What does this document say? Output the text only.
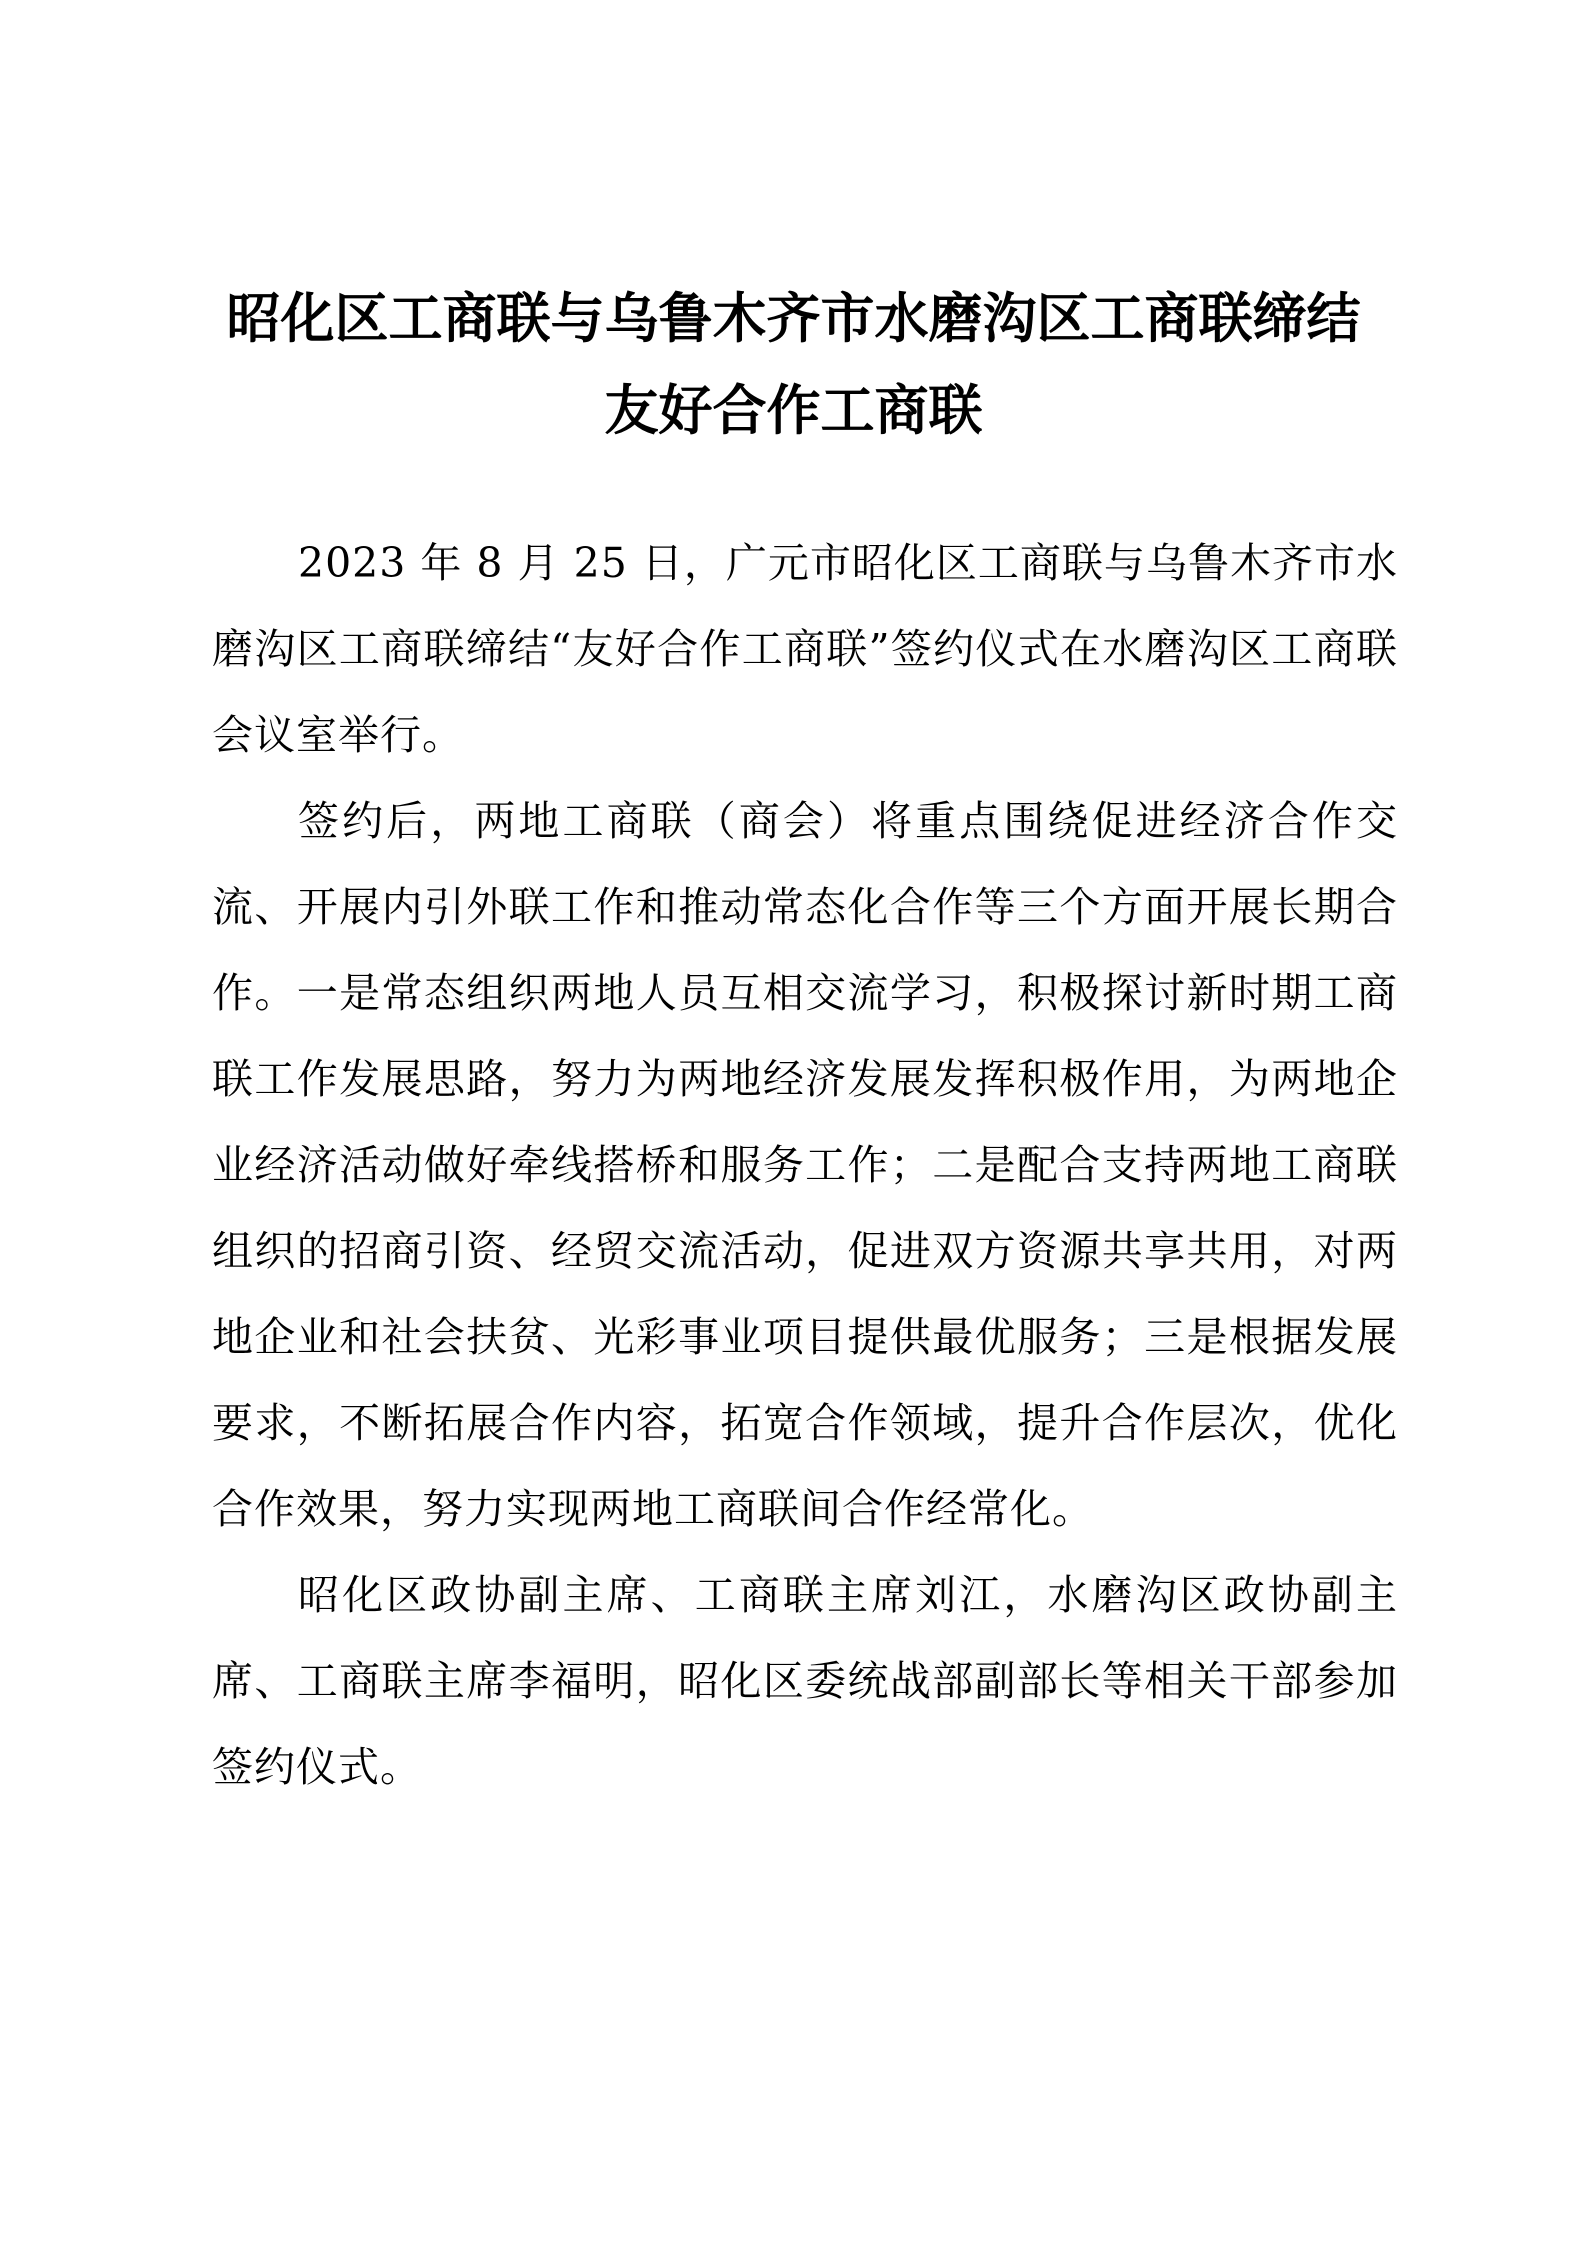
昭化区工商联与乌鲁木齐市水磨沟区工商联缔结友好合作工商联

2023 年 8 月 25 日，广元市昭化区工商联与乌鲁木齐市水磨沟区工商联缔结“友好合作工商联”签约仪式在水磨沟区工商联会议室举行。

签约后，两地工商联（商会）将重点围绕促进经济合作交流、开展内引外联工作和推动常态化合作等三个方面开展长期合作。一是常态组织两地人员互相交流学习，积极探讨新时期工商联工作发展思路，努力为两地经济发展发挥积极作用，为两地企业经济活动做好牵线搭桥和服务工作；二是配合支持两地工商联组织的招商引资、经贸交流活动，促进双方资源共享共用，对两地企业和社会扶贫、光彩事业项目提供最优服务；三是根据发展要求，不断拓展合作内容，拓宽合作领域，提升合作层次，优化合作效果，努力实现两地工商联间合作经常化。

昭化区政协副主席、工商联主席刘江，水磨沟区政协副主席、工商联主席李福明，昭化区委统战部副部长等相关干部参加签约仪式。
